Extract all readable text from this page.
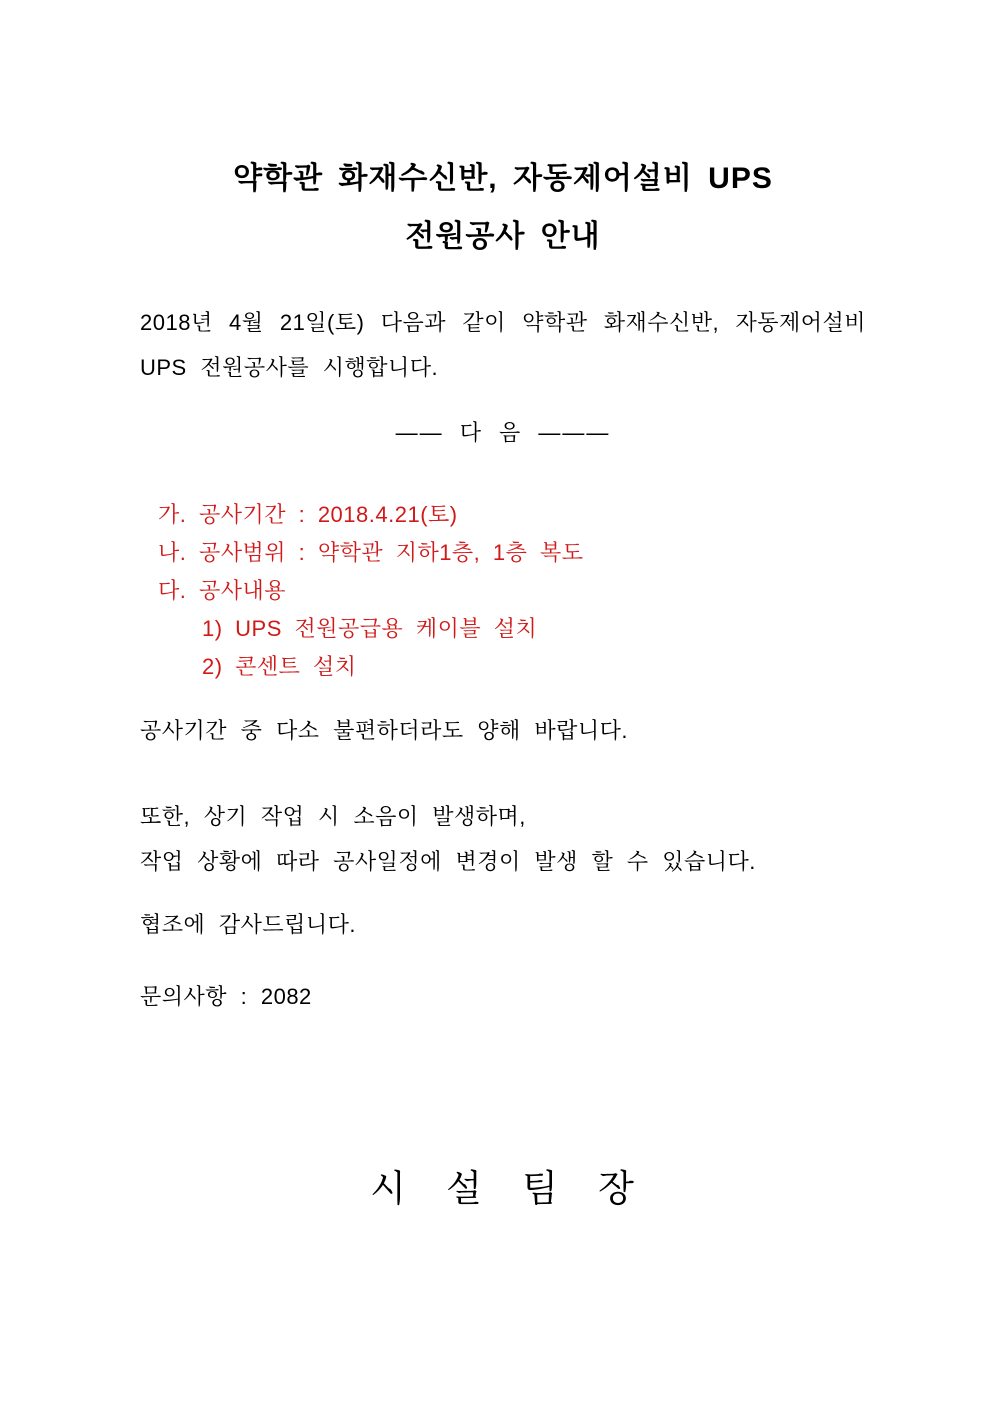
약학관 화재수신반, 자동제어설비 UPS
전원공사 안내

2018년 4월 21일(토) 다음과 같이 약학관 화재수신반, 자동제어설비 UPS 전원공사를 시행합니다.

—— 다 음 ———

가. 공사기간 : 2018.4.21(토)

나. 공사범위 : 약학관 지하1층, 1층 복도

다. 공사내용

1) UPS 전원공급용 케이블 설치

2) 콘센트 설치

공사기간 중 다소 불편하더라도 양해 바랍니다.

또한, 상기 작업 시 소음이 발생하며,
작업 상황에 따라 공사일정에 변경이 발생 할 수 있습니다.

협조에 감사드립니다.

문의사항 : 2082

시 설 팀 장
